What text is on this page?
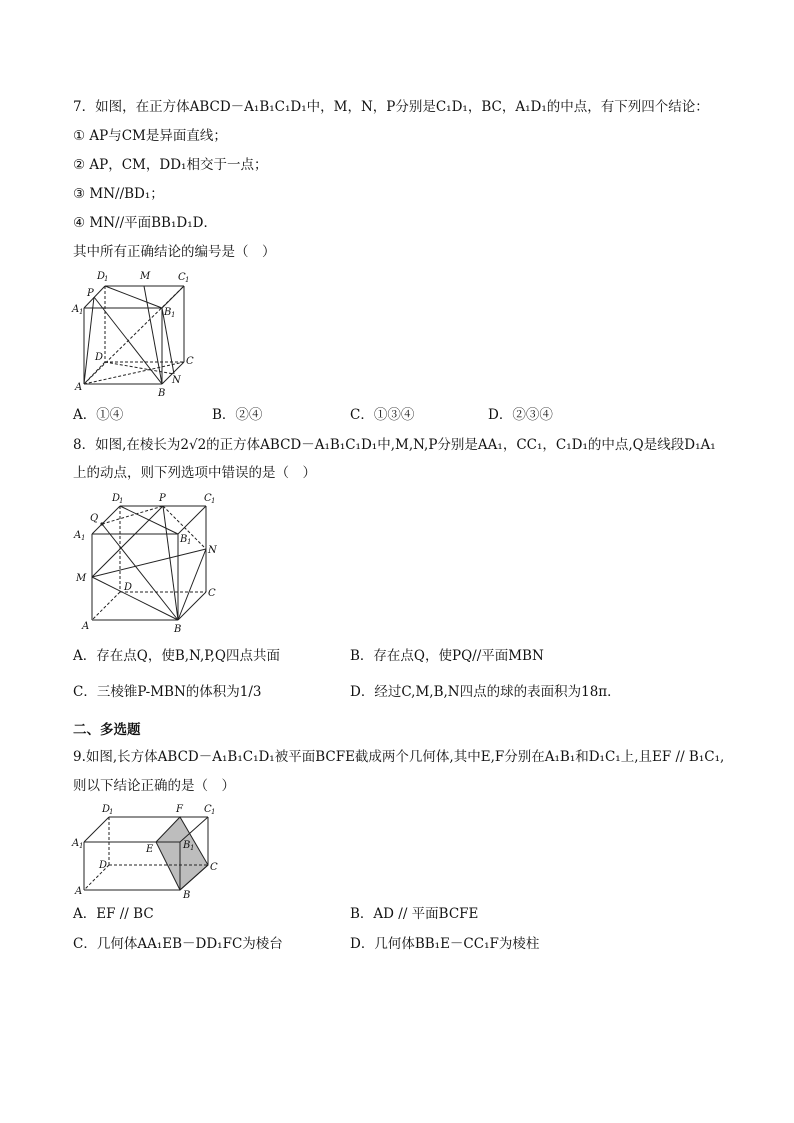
7．如图，在正方体ABCD－A₁B₁C₁D₁中，M，N，P分别是C₁D₁，BC，A₁D₁的中点，有下列四个结论：
① AP与CM是异面直线；
② AP，CM，DD₁相交于一点；
③ MN//BD₁；
④ MN//平面BB₁D₁D．
其中所有正确结论的编号是（　）
D
1	M	C 1
P
A 1	B 1
D	C
N
A
B
A．①④	B．②④	C．①③④	D．②③④
8．如图,在棱长为2√2的正方体ABCD－A₁B₁C₁D₁中,M,N,P分别是AA₁，CC₁，C₁D₁的中点,Q是线段D₁A₁
上的动点，则下列选项中错误的是（　）
D
1	P	C 1
Q
A 1	B 1
N
M
D
C
A	B
A．存在点Q，使B,N,P,Q四点共面	B．存在点Q，使PQ//平面MBN
C．三棱锥P-MBN的体积为1/3	D．经过C,M,B,N四点的球的表面积为18π．
二、多选题
9.如图,长方体ABCD－A₁B₁C₁D₁被平面BCFE截成两个几何体,其中E,F分别在A₁B₁和D₁C₁上,且EF // B₁C₁,
则以下结论正确的是（　）
D
1	F C 1
A 1	E	B 1
D	C
A	B
A．EF // BC	B．AD // 平面BCFE
C．几何体AA₁EB－DD₁FC为棱台	D．几何体BB₁E－CC₁F为棱柱
